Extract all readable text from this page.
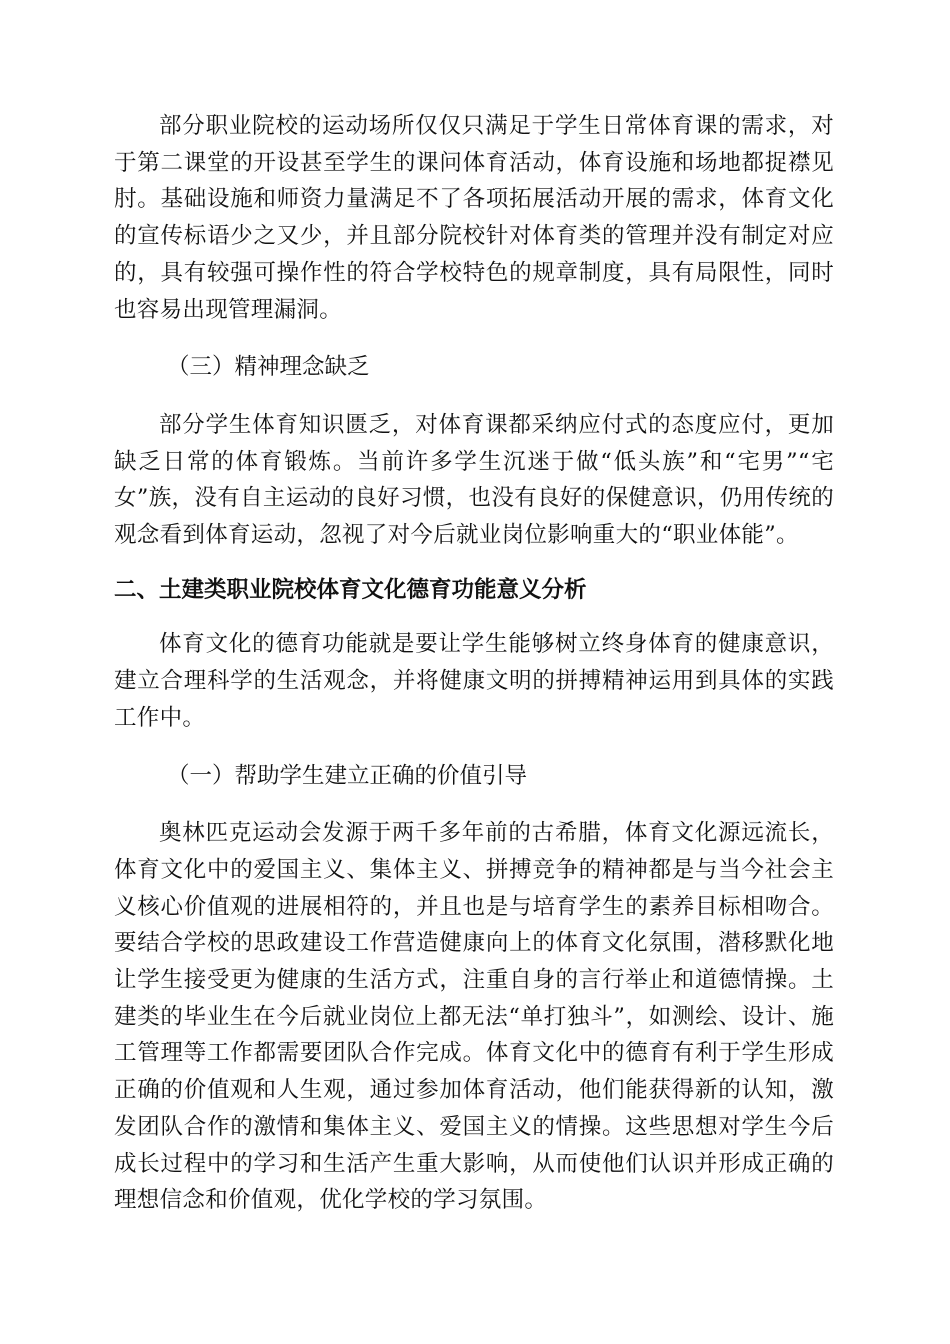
部分职业院校的运动场所仅仅只满足于学生日常体育课的需求，对于第二课堂的开设甚至学生的课问体育活动，体育设施和场地都捉襟见肘。基础设施和师资力量满足不了各项拓展活动开展的需求，体育文化的宣传标语少之又少，并且部分院校针对体育类的管理并没有制定对应的，具有较强可操作性的符合学校特色的规章制度，具有局限性，同时也容易出现管理漏洞。

（三）精神理念缺乏

部分学生体育知识匮乏，对体育课都采纳应付式的态度应付，更加缺乏日常的体育锻炼。当前许多学生沉迷于做“低头族”和“宅男”“宅女”族，没有自主运动的良好习惯，也没有良好的保健意识，仍用传统的观念看到体育运动，忽视了对今后就业岗位影响重大的“职业体能”。

二、土建类职业院校体育文化德育功能意义分析

体育文化的德育功能就是要让学生能够树立终身体育的健康意识，建立合理科学的生活观念，并将健康文明的拼搏精神运用到具体的实践工作中。

（一）帮助学生建立正确的价值引导

奥林匹克运动会发源于两千多年前的古希腊，体育文化源远流长，体育文化中的爱国主义、集体主义、拼搏竞争的精神都是与当今社会主义核心价值观的进展相符的，并且也是与培育学生的素养目标相吻合。要结合学校的思政建设工作营造健康向上的体育文化氛围，潜移默化地让学生接受更为健康的生活方式，注重自身的言行举止和道德情操。土建类的毕业生在今后就业岗位上都无法“单打独斗”，如测绘、设计、施工管理等工作都需要团队合作完成。体育文化中的德育有利于学生形成正确的价值观和人生观，通过参加体育活动，他们能获得新的认知，激发团队合作的激情和集体主义、爱国主义的情操。这些思想对学生今后成长过程中的学习和生活产生重大影响，从而使他们认识并形成正确的理想信念和价值观，优化学校的学习氛围。
